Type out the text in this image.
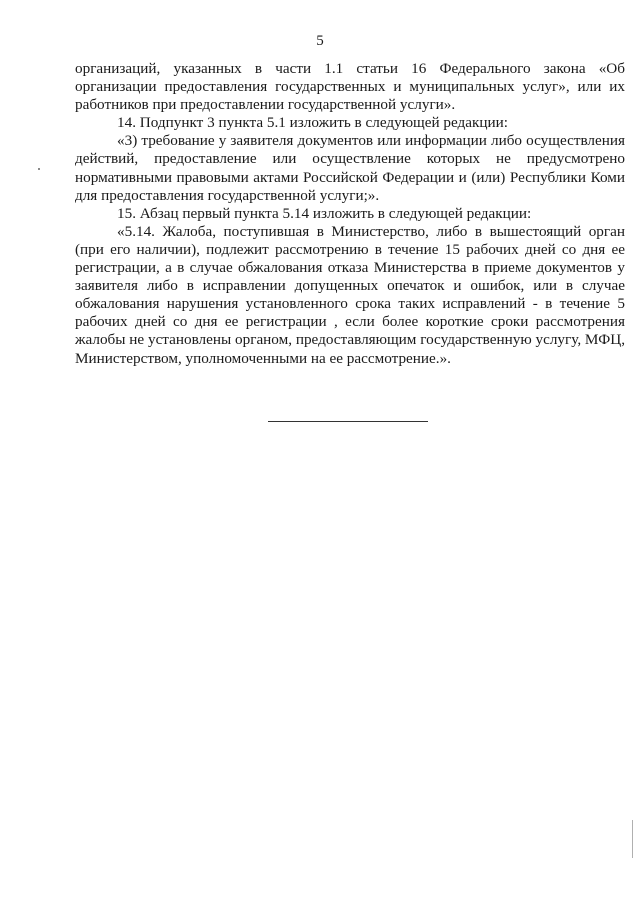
5

организаций, указанных в части 1.1 статьи 16 Федерального закона «Об организации предоставления государственных и муниципальных услуг», или их работников при предоставлении государственной услуги».

14. Подпункт 3 пункта 5.1 изложить в следующей редакции:

«3) требование у заявителя документов или информации либо осуществления действий, предоставление или осуществление которых не предусмотрено нормативными правовыми актами Российской Федерации и (или) Республики Коми для предоставления государственной услуги;».

15. Абзац первый пункта 5.14 изложить в следующей редакции:

«5.14. Жалоба, поступившая в Министерство, либо в вышестоящий орган (при его наличии), подлежит рассмотрению в течение 15 рабочих дней со дня ее регистрации, а в случае обжалования отказа Министерства в приеме документов у заявителя либо в исправлении допущенных опечаток и ошибок, или в случае обжалования нарушения установленного срока таких исправлений - в течение 5 рабочих дней со дня ее регистрации , если более короткие сроки рассмотрения жалобы не установлены органом, предоставляющим государственную услугу, МФЦ, Министерством, уполномоченными на ее рассмотрение.».
